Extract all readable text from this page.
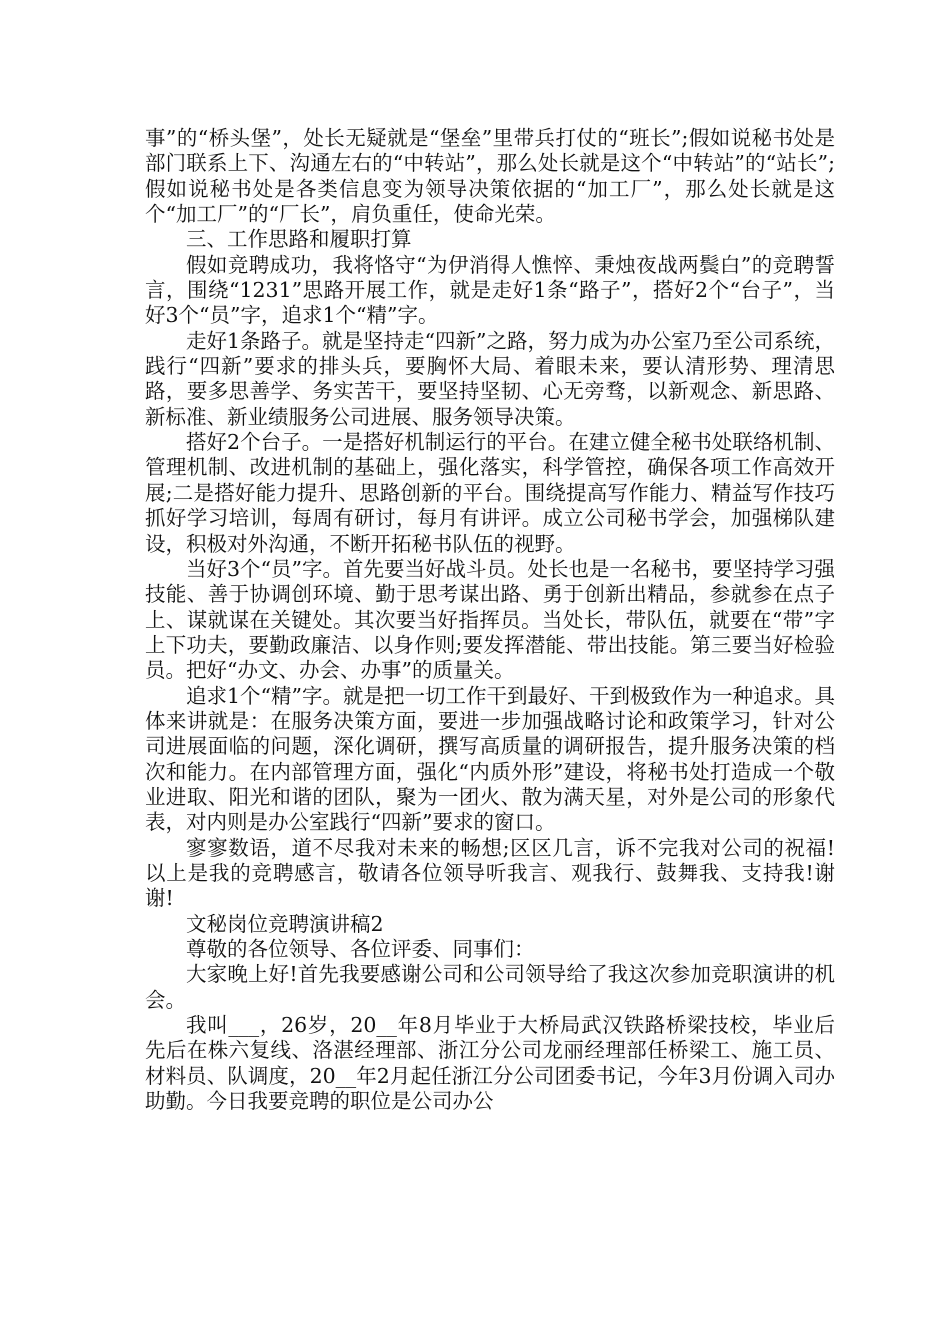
事”的“桥头堡”，处长无疑就是“堡垒”里带兵打仗的“班长”;假如说秘书处是部门联系上下、沟通左右的“中转站”，那么处长就是这个“中转站”的“站长”;假如说秘书处是各类信息变为领导决策依据的“加工厂”，那么处长就是这个“加工厂”的“厂长”，肩负重任，使命光荣。

三、工作思路和履职打算

假如竞聘成功，我将恪守“为伊消得人憔悴、秉烛夜战两鬓白”的竞聘誓言，围绕“1231”思路开展工作，就是走好1条“路子”，搭好2个“台子”，当好3个“员”字，追求1个“精”字。

走好1条路子。就是坚持走“四新”之路，努力成为办公室乃至公司系统，践行“四新”要求的排头兵，要胸怀大局、着眼未来，要认清形势、理清思路，要多思善学、务实苦干，要坚持坚韧、心无旁骛，以新观念、新思路、新标准、新业绩服务公司进展、服务领导决策。

搭好2个台子。一是搭好机制运行的平台。在建立健全秘书处联络机制、管理机制、改进机制的基础上，强化落实，科学管控，确保各项工作高效开展;二是搭好能力提升、思路创新的平台。围绕提高写作能力、精益写作技巧抓好学习培训，每周有研讨，每月有讲评。成立公司秘书学会，加强梯队建设，积极对外沟通，不断开拓秘书队伍的视野。

当好3个“员”字。首先要当好战斗员。处长也是一名秘书，要坚持学习强技能、善于协调创环境、勤于思考谋出路、勇于创新出精品，参就参在点子上、谋就谋在关键处。其次要当好指挥员。当处长，带队伍，就要在“带”字上下功夫，要勤政廉洁、以身作则;要发挥潜能、带出技能。第三要当好检验员。把好“办文、办会、办事”的质量关。

追求1个“精”字。就是把一切工作干到最好、干到极致作为一种追求。具体来讲就是：在服务决策方面，要进一步加强战略讨论和政策学习，针对公司进展面临的问题，深化调研，撰写高质量的调研报告，提升服务决策的档次和能力。在内部管理方面，强化“内质外形”建设，将秘书处打造成一个敬业进取、阳光和谐的团队，聚为一团火、散为满天星，对外是公司的形象代表，对内则是办公室践行“四新”要求的窗口。

寥寥数语，道不尽我对未来的畅想;区区几言，诉不完我对公司的祝福!以上是我的竞聘感言，敬请各位领导听我言、观我行、鼓舞我、支持我!谢谢!

文秘岗位竞聘演讲稿2

尊敬的各位领导、各位评委、同事们：

大家晚上好!首先我要感谢公司和公司领导给了我这次参加竞职演讲的机会。

我叫___，26岁，20__年8月毕业于大桥局武汉铁路桥梁技校，毕业后先后在株六复线、洛湛经理部、浙江分公司龙丽经理部任桥梁工、施工员、材料员、队调度，20__年2月起任浙江分公司团委书记，今年3月份调入司办助勤。今日我要竞聘的职位是公司办公
